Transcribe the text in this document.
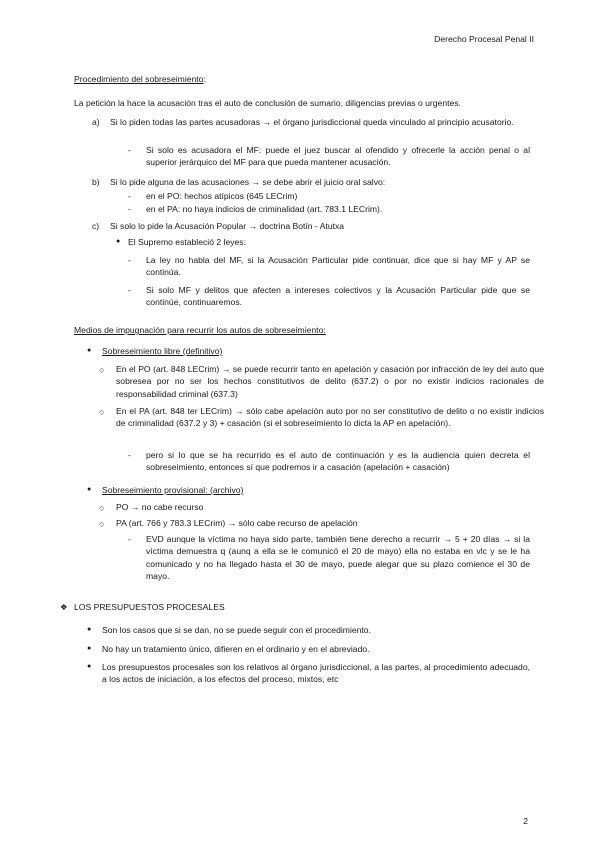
Derecho Procesal Penal II
Procedimiento del sobreseimiento:

La petición la hace la acusación tras el auto de conclusión de sumario, diligencias previas o urgentes.

a) Si lo piden todas las partes acusadoras → el órgano jurisdiccional queda vinculado al principio acusatorio.

- Si solo es acusadora el MF: puede el juez buscar al ofendido y ofrecerle la acción penal o al superior jerárquico del MF para que pueda mantener acusación.

b) Si lo pide alguna de las acusaciones → se debe abrir el juicio oral salvo:

- en el PO: hechos atípicos (645 LECrim)

- en el PA: no haya indicios de criminalidad (art. 783.1 LECrim).

c) Si solo lo pide la Acusación Popular → doctrina Botín - Atutxa

● El Supremo estableció 2 leyes:

- La ley no habla del MF, si la Acusación Particular pide continuar, dice que si hay MF y AP se continúa.

- Si solo MF y delitos que afecten a intereses colectivos y la Acusación Particular pide que se continúe, continuaremos.

Medios de impugnación para recurrir los autos de sobreseimiento:

● Sobreseimiento libre (definitivo)

○ En el PO (art. 848 LECrim) → se puede recurrir tanto en apelación y casación por infracción de ley del auto que sobresea por no ser los hechos constitutivos de delito (637.2) o por no existir indicios racionales de responsabilidad criminal (637.3)

○ En el PA (art. 848 ter LECrim) → sólo cabe apelación auto por no ser constitutivo de delito o no existir indicios de criminalidad (637.2 y 3) + casación (si el sobreseimiento lo dicta la AP en apelación).

- pero si lo que se ha recurrido es el auto de continuación y es la audiencia quien decreta el sobreseimiento, entonces sí que podremos ir a casación (apelación + casación)

● Sobreseimiento provisional: (archivo)

○ PO → no cabe recurso

○ PA (art. 766 y 783.3 LECrim) → sólo cabe recurso de apelación

- EVD aunque la víctima no haya sido parte, también tiene derecho a recurrir → 5 + 20 días → si la víctima demuestra q (aunq a ella se le comunicó el 20 de mayo) ella no estaba en vlc y se le ha comunicado y no ha llegado hasta el 30 de mayo, puede alegar que su plazo comience el 30 de mayo.

❖ LOS PRESUPUESTOS PROCESALES

● Son los casos que si se dan, no se puede seguir con el procedimiento.

● No hay un tratamiento único, difieren en el ordinario y en el abreviado.

● Los presupuestos procesales son los relativos al órgano jurisdiccional, a las partes, al procedimiento adecuado, a los actos de iniciación, a los efectos del proceso, mixtos, etc

2
